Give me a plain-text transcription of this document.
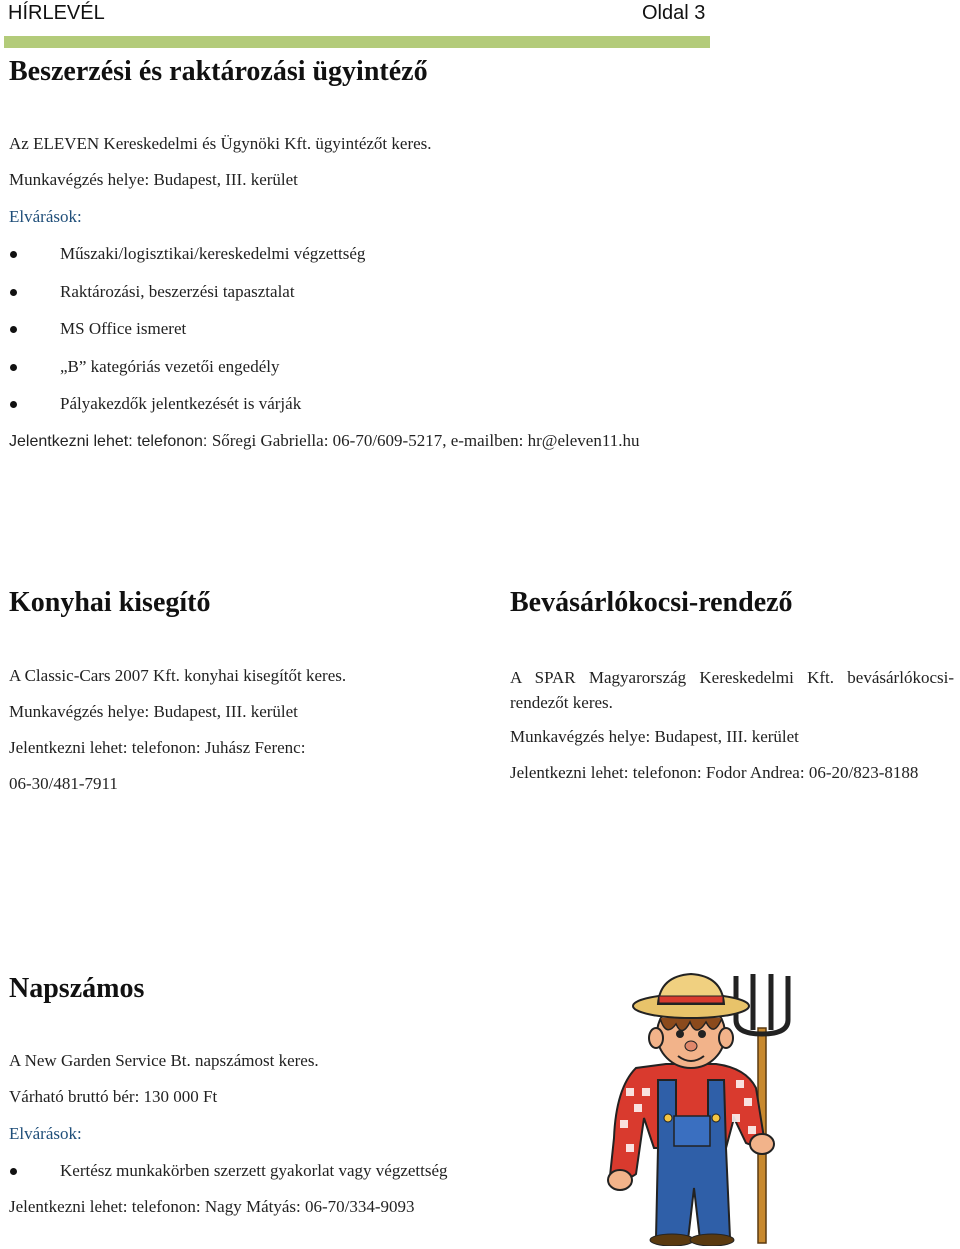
HÍRLEVÉL	Oldal 3
Beszerzési és raktározási ügyintéző
Az ELEVEN Kereskedelmi és Ügynöki Kft. ügyintézőt keres.
Munkavégzés helye: Budapest, III. kerület
Elvárások:
Műszaki/logisztikai/kereskedelmi végzettség
Raktározási, beszerzési tapasztalat
MS Office ismeret
„B” kategóriás vezetői engedély
Pályakezdők jelentkezését is várják
Jelentkezni lehet: telefonon: Sőregi Gabriella: 06-70/609-5217, e-mailben: hr@eleven11.hu
Konyhai kisegítő
A Classic-Cars 2007 Kft. konyhai kisegítőt keres.
Munkavégzés helye: Budapest, III. kerület
Jelentkezni lehet: telefonon: Juhász Ferenc:
06-30/481-7911
Bevásárlókocsi-rendező
A SPAR Magyarország Kereskedelmi Kft. bevásárlókocsi-rendezőt keres.
Munkavégzés helye: Budapest, III. kerület
Jelentkezni lehet: telefonon: Fodor Andrea: 06-20/823-8188
Napszámos
A New Garden Service Bt. napszámost keres.
Várható bruttó bér: 130 000 Ft
Elvárások:
Kertész munkakörben szerzett gyakorlat vagy végzettség
Jelentkezni lehet: telefonon: Nagy Mátyás: 06-70/334-9093
